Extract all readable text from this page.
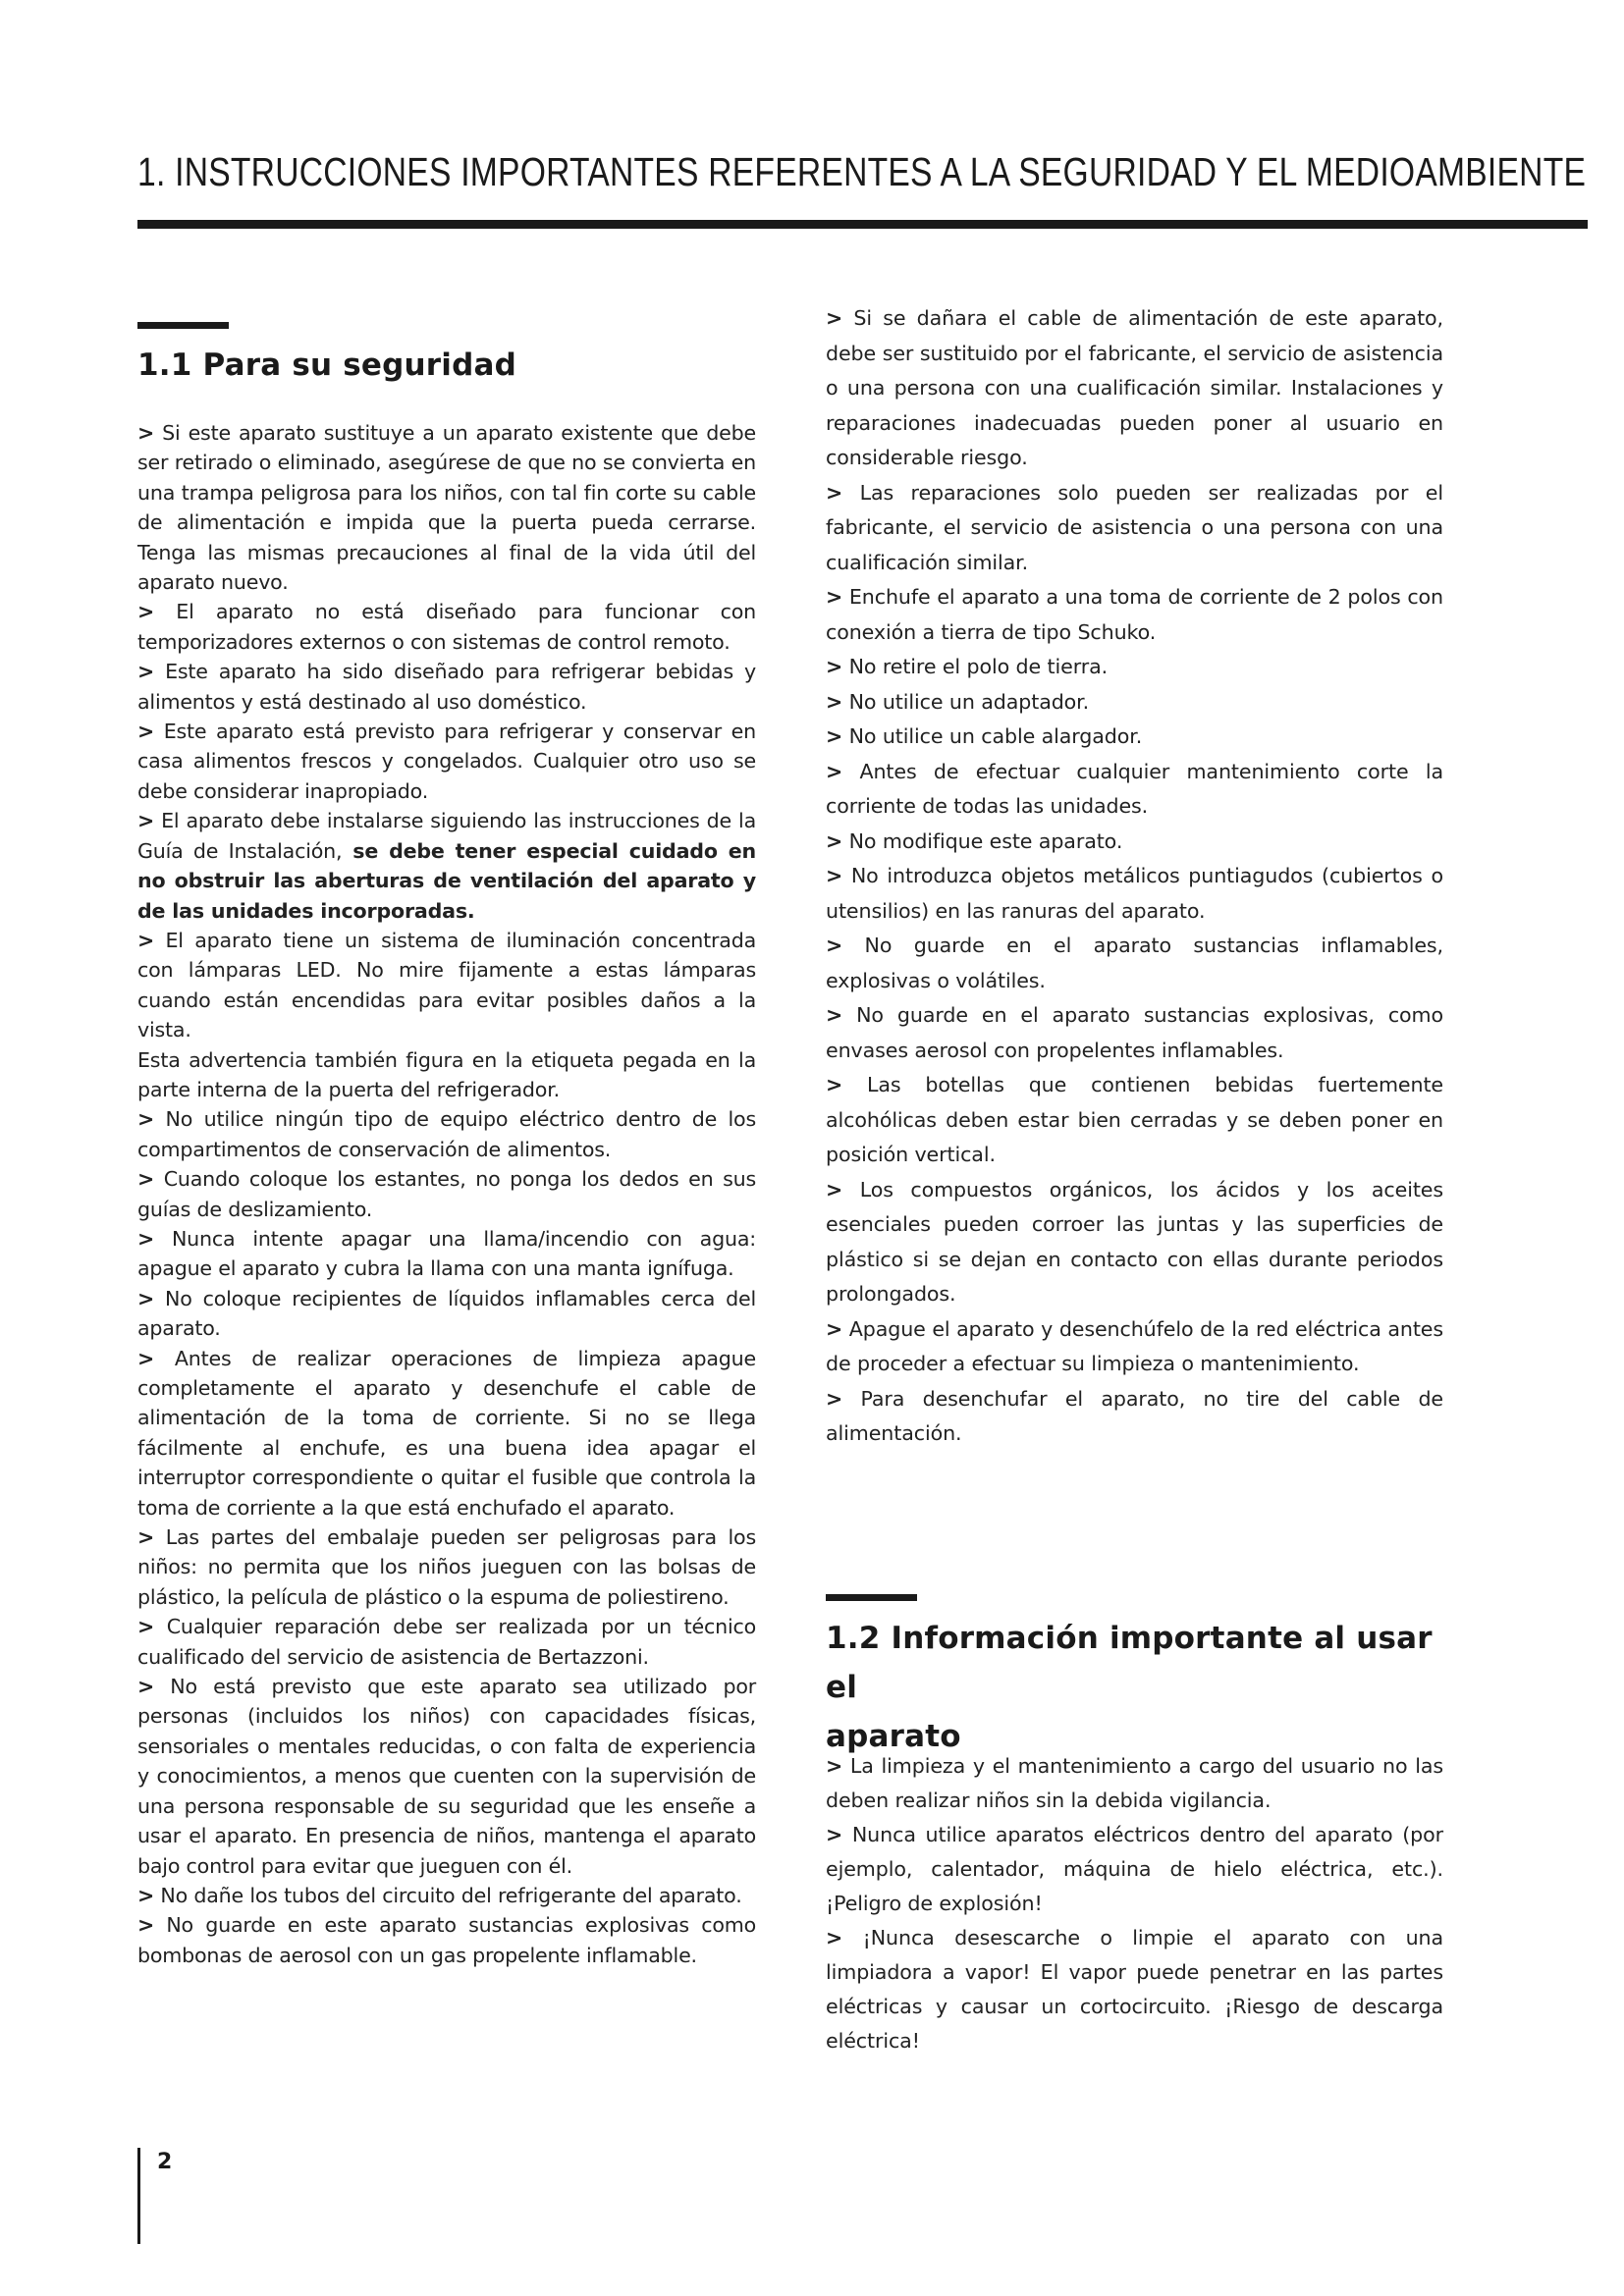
1. INSTRUCCIONES IMPORTANTES REFERENTES A LA SEGURIDAD Y EL MEDIOAMBIENTE
1.1 Para su seguridad

> Si este aparato sustituye a un aparato existente que debe ser retirado o eliminado, asegúrese de que no se convierta en una trampa peligrosa para los niños, con tal fin corte su cable de alimentación e impida que la puerta pueda cerrarse. Tenga las mismas precauciones al final de la vida útil del aparato nuevo.

> El aparato no está diseñado para funcionar con temporizadores externos o con sistemas de control remoto.

> Este aparato ha sido diseñado para refrigerar bebidas y alimentos y está destinado al uso doméstico.

> Este aparato está previsto para refrigerar y conservar en casa alimentos frescos y congelados. Cualquier otro uso se debe considerar inapropiado.

> El aparato debe instalarse siguiendo las instrucciones de la Guía de Instalación, se debe tener especial cuidado en no obstruir las aberturas de ventilación del aparato y de las unidades incorporadas.

> El aparato tiene un sistema de iluminación concentrada con lámparas LED. No mire fijamente a estas lámparas cuando están encendidas para evitar posibles daños a la vista.

Esta advertencia también figura en la etiqueta pegada en la parte interna de la puerta del refrigerador.

> No utilice ningún tipo de equipo eléctrico dentro de los compartimentos de conservación de alimentos.

> Cuando coloque los estantes, no ponga los dedos en sus guías de deslizamiento.

> Nunca intente apagar una llama/incendio con agua: apague el aparato y cubra la llama con una manta ignífuga.

> No coloque recipientes de líquidos inflamables cerca del aparato.

> Antes de realizar operaciones de limpieza apague completamente el aparato y desenchufe el cable de alimentación de la toma de corriente. Si no se llega fácilmente al enchufe, es una buena idea apagar el interruptor correspondiente o quitar el fusible que controla la toma de corriente a la que está enchufado el aparato.

> Las partes del embalaje pueden ser peligrosas para los niños: no permita que los niños jueguen con las bolsas de plástico, la película de plástico o la espuma de poliestireno.

> Cualquier reparación debe ser realizada por un técnico cualificado del servicio de asistencia de Bertazzoni.

> No está previsto que este aparato sea utilizado por personas (incluidos los niños) con capacidades físicas, sensoriales o mentales reducidas, o con falta de experiencia y conocimientos, a menos que cuenten con la supervisión de una persona responsable de su seguridad que les enseñe a usar el aparato. En presencia de niños, mantenga el aparato bajo control para evitar que jueguen con él.

> No dañe los tubos del circuito del refrigerante del aparato.

> No guarde en este aparato sustancias explosivas como bombonas de aerosol con un gas propelente inflamable.

> Si se dañara el cable de alimentación de este aparato, debe ser sustituido por el fabricante, el servicio de asistencia o una persona con una cualificación similar. Instalaciones y reparaciones inadecuadas pueden poner al usuario en considerable riesgo.

> Las reparaciones solo pueden ser realizadas por el fabricante, el servicio de asistencia o una persona con una cualificación similar.

> Enchufe el aparato a una toma de corriente de 2 polos con conexión a tierra de tipo Schuko.

> No retire el polo de tierra.

> No utilice un adaptador.

> No utilice un cable alargador.

> Antes de efectuar cualquier mantenimiento corte la corriente de todas las unidades.

> No modifique este aparato.

> No introduzca objetos metálicos puntiagudos (cubiertos o utensilios) en las ranuras del aparato.

> No guarde en el aparato sustancias inflamables, explosivas o volátiles.

> No guarde en el aparato sustancias explosivas, como envases aerosol con propelentes inflamables.

> Las botellas que contienen bebidas fuertemente alcohólicas deben estar bien cerradas y se deben poner en posición vertical.

> Los compuestos orgánicos, los ácidos y los aceites esenciales pueden corroer las juntas y las superficies de plástico si se dejan en contacto con ellas durante periodos prolongados.

> Apague el aparato y desenchúfelo de la red eléctrica antes de proceder a efectuar su limpieza o mantenimiento.

> Para desenchufar el aparato, no tire del cable de alimentación.

1.2 Información importante al usar el
aparato

> La limpieza y el mantenimiento a cargo del usuario no las deben realizar niños sin la debida vigilancia.

> Nunca utilice aparatos eléctricos dentro del aparato (por ejemplo, calentador, máquina de hielo eléctrica, etc.). ¡Peligro de explosión!

> ¡Nunca desescarche o limpie el aparato con una limpiadora a vapor! El vapor puede penetrar en las partes eléctricas y causar un cortocircuito. ¡Riesgo de descarga eléctrica!

2
